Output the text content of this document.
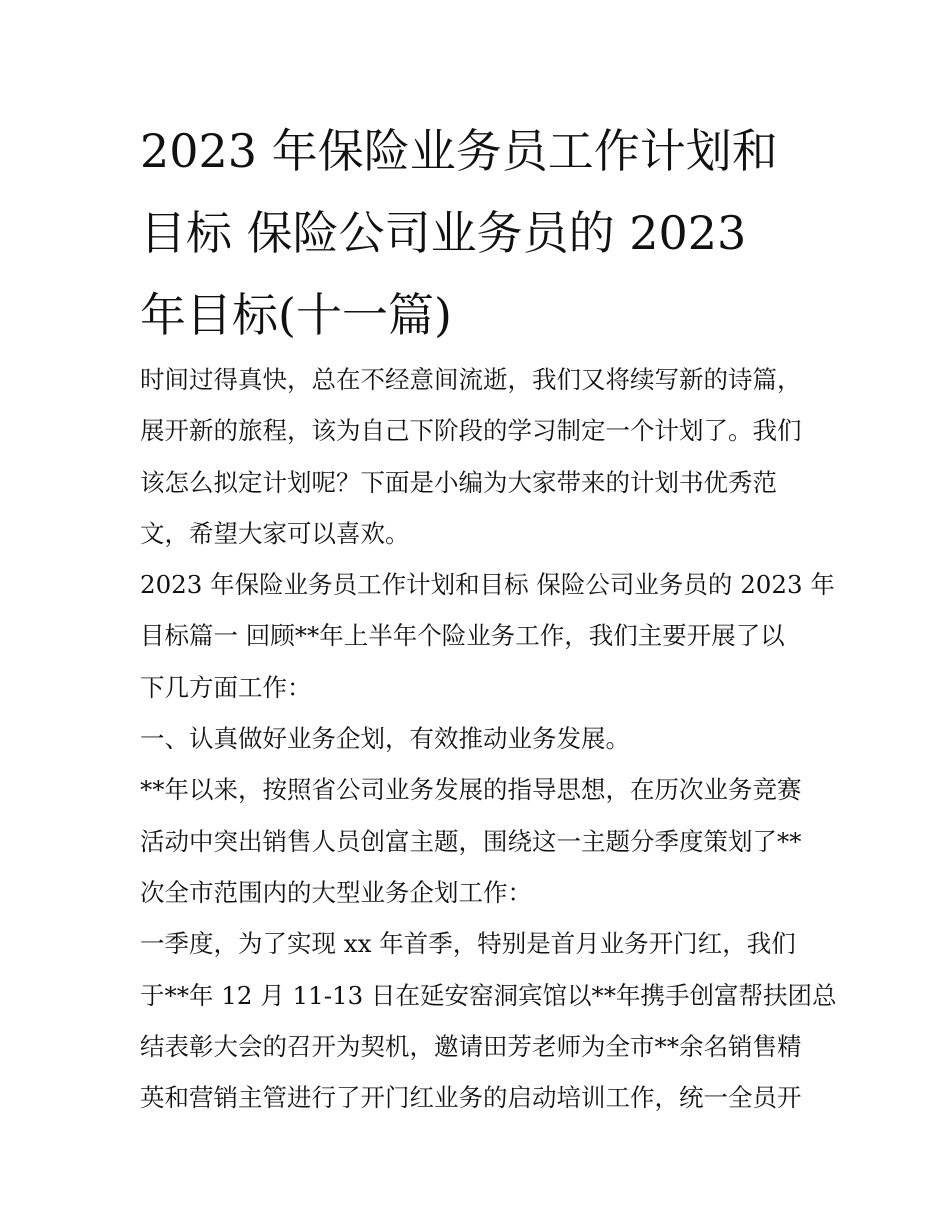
2023 年保险业务员工作计划和
目标 保险公司业务员的 2023
年目标(十一篇)
时间过得真快，总在不经意间流逝，我们又将续写新的诗篇，
展开新的旅程，该为自己下阶段的学习制定一个计划了。我们
该怎么拟定计划呢？下面是小编为大家带来的计划书优秀范
文，希望大家可以喜欢。
2023 年保险业务员工作计划和目标 保险公司业务员的 2023 年
目标篇一 回顾**年上半年个险业务工作，我们主要开展了以
下几方面工作：
一、认真做好业务企划，有效推动业务发展。
**年以来，按照省公司业务发展的指导思想，在历次业务竞赛
活动中突出销售人员创富主题，围绕这一主题分季度策划了**
次全市范围内的大型业务企划工作：
一季度，为了实现 xx 年首季，特别是首月业务开门红，我们
于**年 12 月 11-13 日在延安窑洞宾馆以**年携手创富帮扶团总
结表彰大会的召开为契机，邀请田芳老师为全市**余名销售精
英和营销主管进行了开门红业务的启动培训工作，统一全员开
